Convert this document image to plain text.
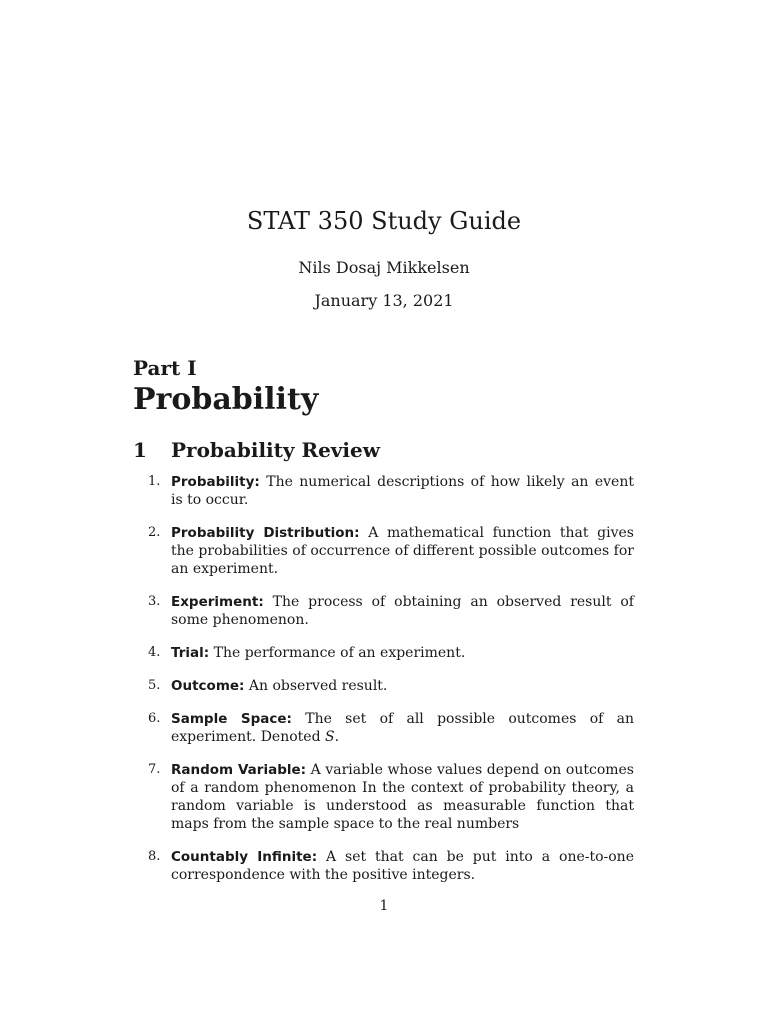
STAT 350 Study Guide
Nils Dosaj Mikkelsen
January 13, 2021
Part I
Probability
1	Probability Review
1. Probability: The numerical descriptions of how likely an event is to occur.
2. Probability Distribution: A mathematical function that gives the probabilities of occurrence of different possible outcomes for an experiment.
3. Experiment: The process of obtaining an observed result of some phenomenon.
4. Trial: The performance of an experiment.
5. Outcome: An observed result.
6. Sample Space: The set of all possible outcomes of an experiment. Denoted S.
7. Random Variable: A variable whose values depend on outcomes of a random phenomenon In the context of probability theory, a random variable is understood as measurable function that maps from the sample space to the real numbers
8. Countably Infinite: A set that can be put into a one-to-one correspondence with the positive integers.
1
